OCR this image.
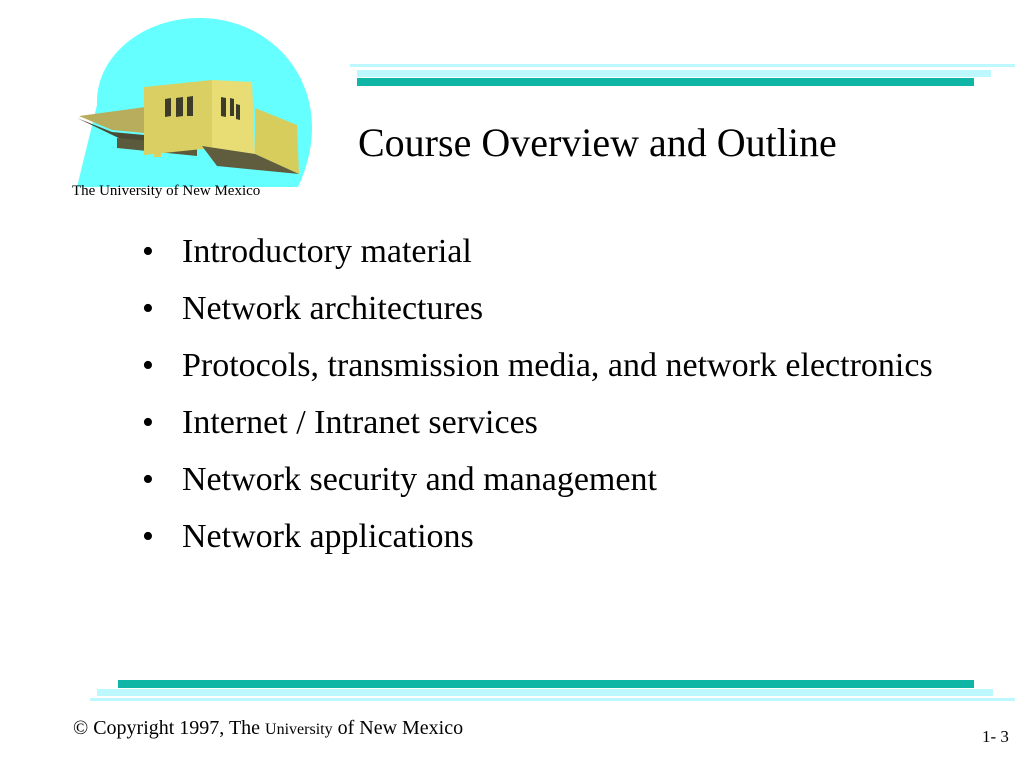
The University of New Mexico
Course Overview and Outline
• Introductory material
• Network architectures
• Protocols, transmission media, and network electronics
• Internet / Intranet services
• Network security and management
• Network applications
© Copyright 1997, The University of New Mexico	1- 3
